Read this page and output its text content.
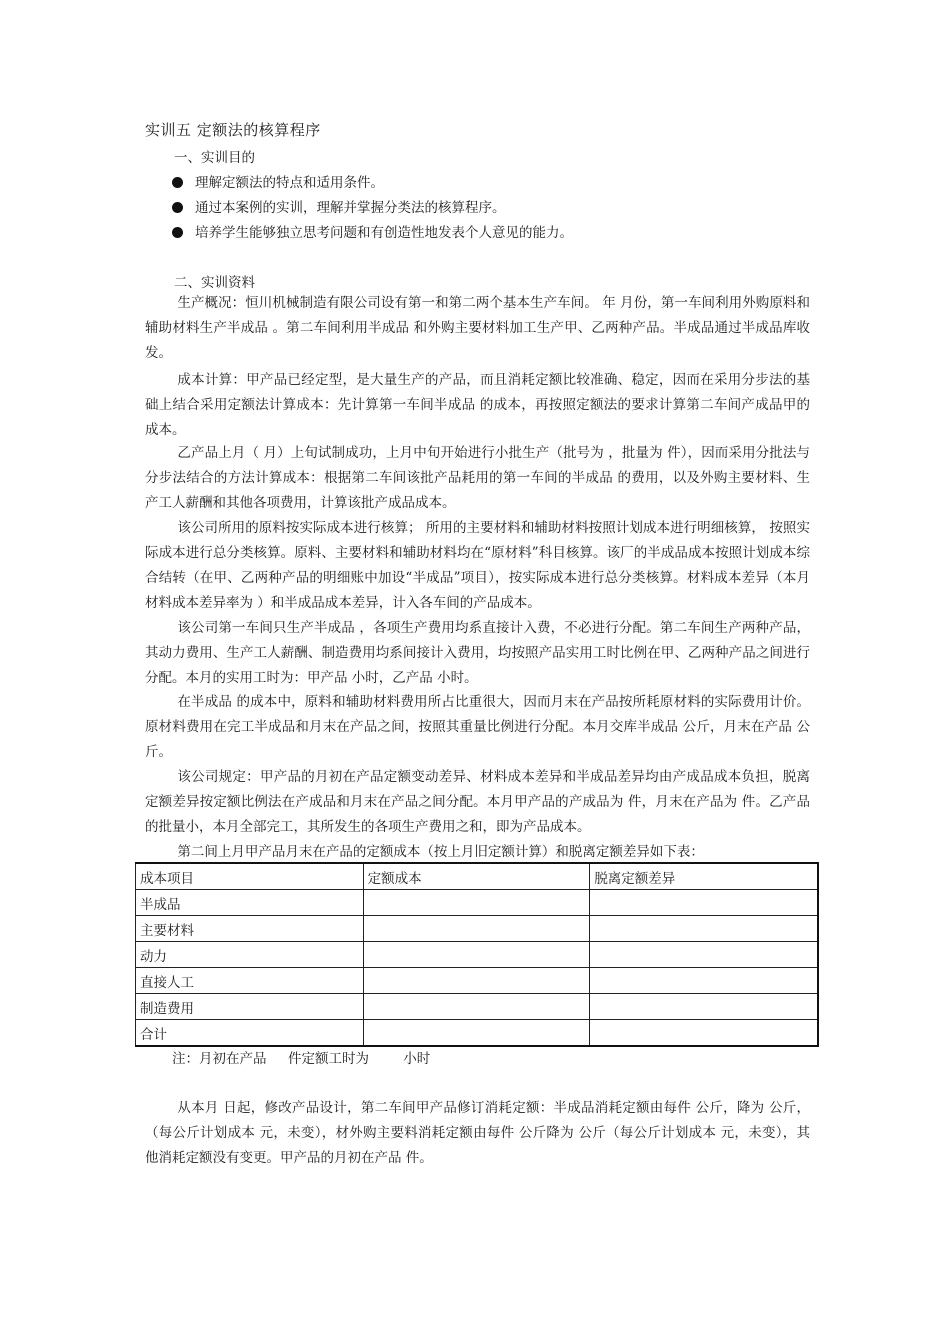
实训五 定额法的核算程序
一、实训目的
理解定额法的特点和适用条件。
通过本案例的实训，理解并掌握分类法的核算程序。
培养学生能够独立思考问题和有创造性地发表个人意见的能力。
二、实训资料

生产概况：恒川机械制造有限公司设有第一和第二两个基本生产车间。 年 月份，第一车间利用外购原料和辅助材料生产半成品 。第二车间利用半成品 和外购主要材料加工生产甲、乙两种产品。半成品通过半成品库收发。

成本计算：甲产品已经定型，是大量生产的产品，而且消耗定额比较准确、稳定，因而在采用分步法的基础上结合采用定额法计算成本：先计算第一车间半成品 的成本，再按照定额法的要求计算第二车间产成品甲的成本。

乙产品上月（ 月）上旬试制成功，上月中旬开始进行小批生产（批号为 ，批量为 件），因而采用分批法与分步法结合的方法计算成本：根据第二车间该批产品耗用的第一车间的半成品 的费用，以及外购主要材料、生产工人薪酬和其他各项费用，计算该批产成品成本。

该公司所用的原料按实际成本进行核算； 所用的主要材料和辅助材料按照计划成本进行明细核算， 按照实际成本进行总分类核算。原料、主要材料和辅助材料均在“原材料”科目核算。该厂的半成品成本按照计划成本综合结转（在甲、乙两种产品的明细账中加设“半成品”项目），按实际成本进行总分类核算。材料成本差异（本月材料成本差异率为 ）和半成品成本差异，计入各车间的产品成本。

该公司第一车间只生产半成品 ，各项生产费用均系直接计入费，不必进行分配。第二车间生产两种产品，其动力费用、生产工人薪酬、制造费用均系间接计入费用，均按照产品实用工时比例在甲、乙两种产品之间进行分配。本月的实用工时为：甲产品 小时，乙产品 小时。

在半成品 的成本中，原料和辅助材料费用所占比重很大，因而月末在产品按所耗原材料的实际费用计价。原材料费用在完工半成品和月末在产品之间，按照其重量比例进行分配。本月交库半成品 公斤，月末在产品 公斤。

该公司规定：甲产品的月初在产品定额变动差异、材料成本差异和半成品差异均由产成品成本负担，脱离定额差异按定额比例法在产成品和月末在产品之间分配。本月甲产品的产成品为 件，月末在产品为 件。乙产品的批量小，本月全部完工，其所发生的各项生产费用之和，即为产品成本。

第二间上月甲产品月末在产品的定额成本（按上月旧定额计算）和脱离定额差异如下表：

成本项目	定额成本	脱离定额差异
半成品		
主要材料		
动力		
直接人工		
制造费用		
合计		
注：月初在产品     件定额工时为        小时

从本月 日起，修改产品设计，第二车间甲产品修订消耗定额：半成品消耗定额由每件 公斤，降为 公斤，（每公斤计划成本 元，未变），材外购主要料消耗定额由每件 公斤降为 公斤（每公斤计划成本 元，未变），其他消耗定额没有变更。甲产品的月初在产品 件。
